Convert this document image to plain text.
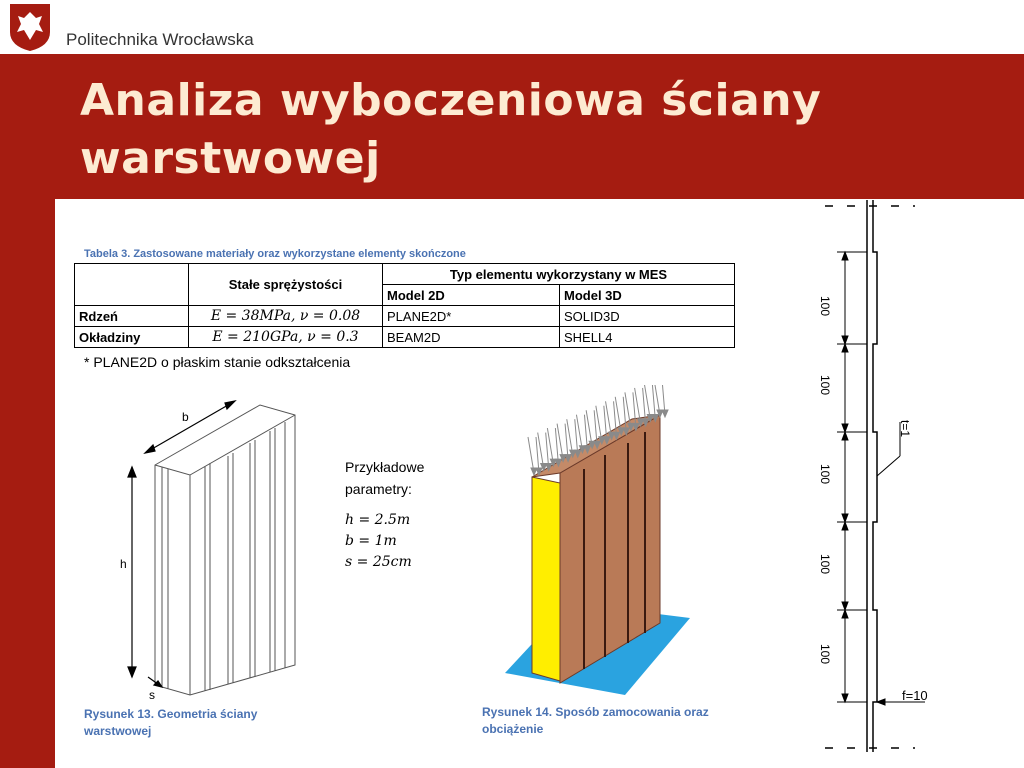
Politechnika Wrocławska
Analiza wyboczeniowa ściany
warstwowej
Tabela 3. Zastosowane materiały oraz wykorzystane elementy skończone
	Stałe sprężystości	Typ elementu wykorzystany w MES	
		Model 2D	Model 3D
Rdzeń	E = 38MPa, ν = 0.08	PLANE2D*	SOLID3D
Okładziny	E = 210GPa, ν = 0.3	BEAM2D	SHELL4
* PLANE2D o płaskim stanie odkształcenia
b
h
s
Rysunek 13. Geometria ściany
warstwowej
Przykładowe
parametry:
h = 2.5m
b = 1m
s = 25cm
Rysunek 14. Sposób zamocowania oraz
obciążenie
100
100
100
100
100
t=1
f=10
